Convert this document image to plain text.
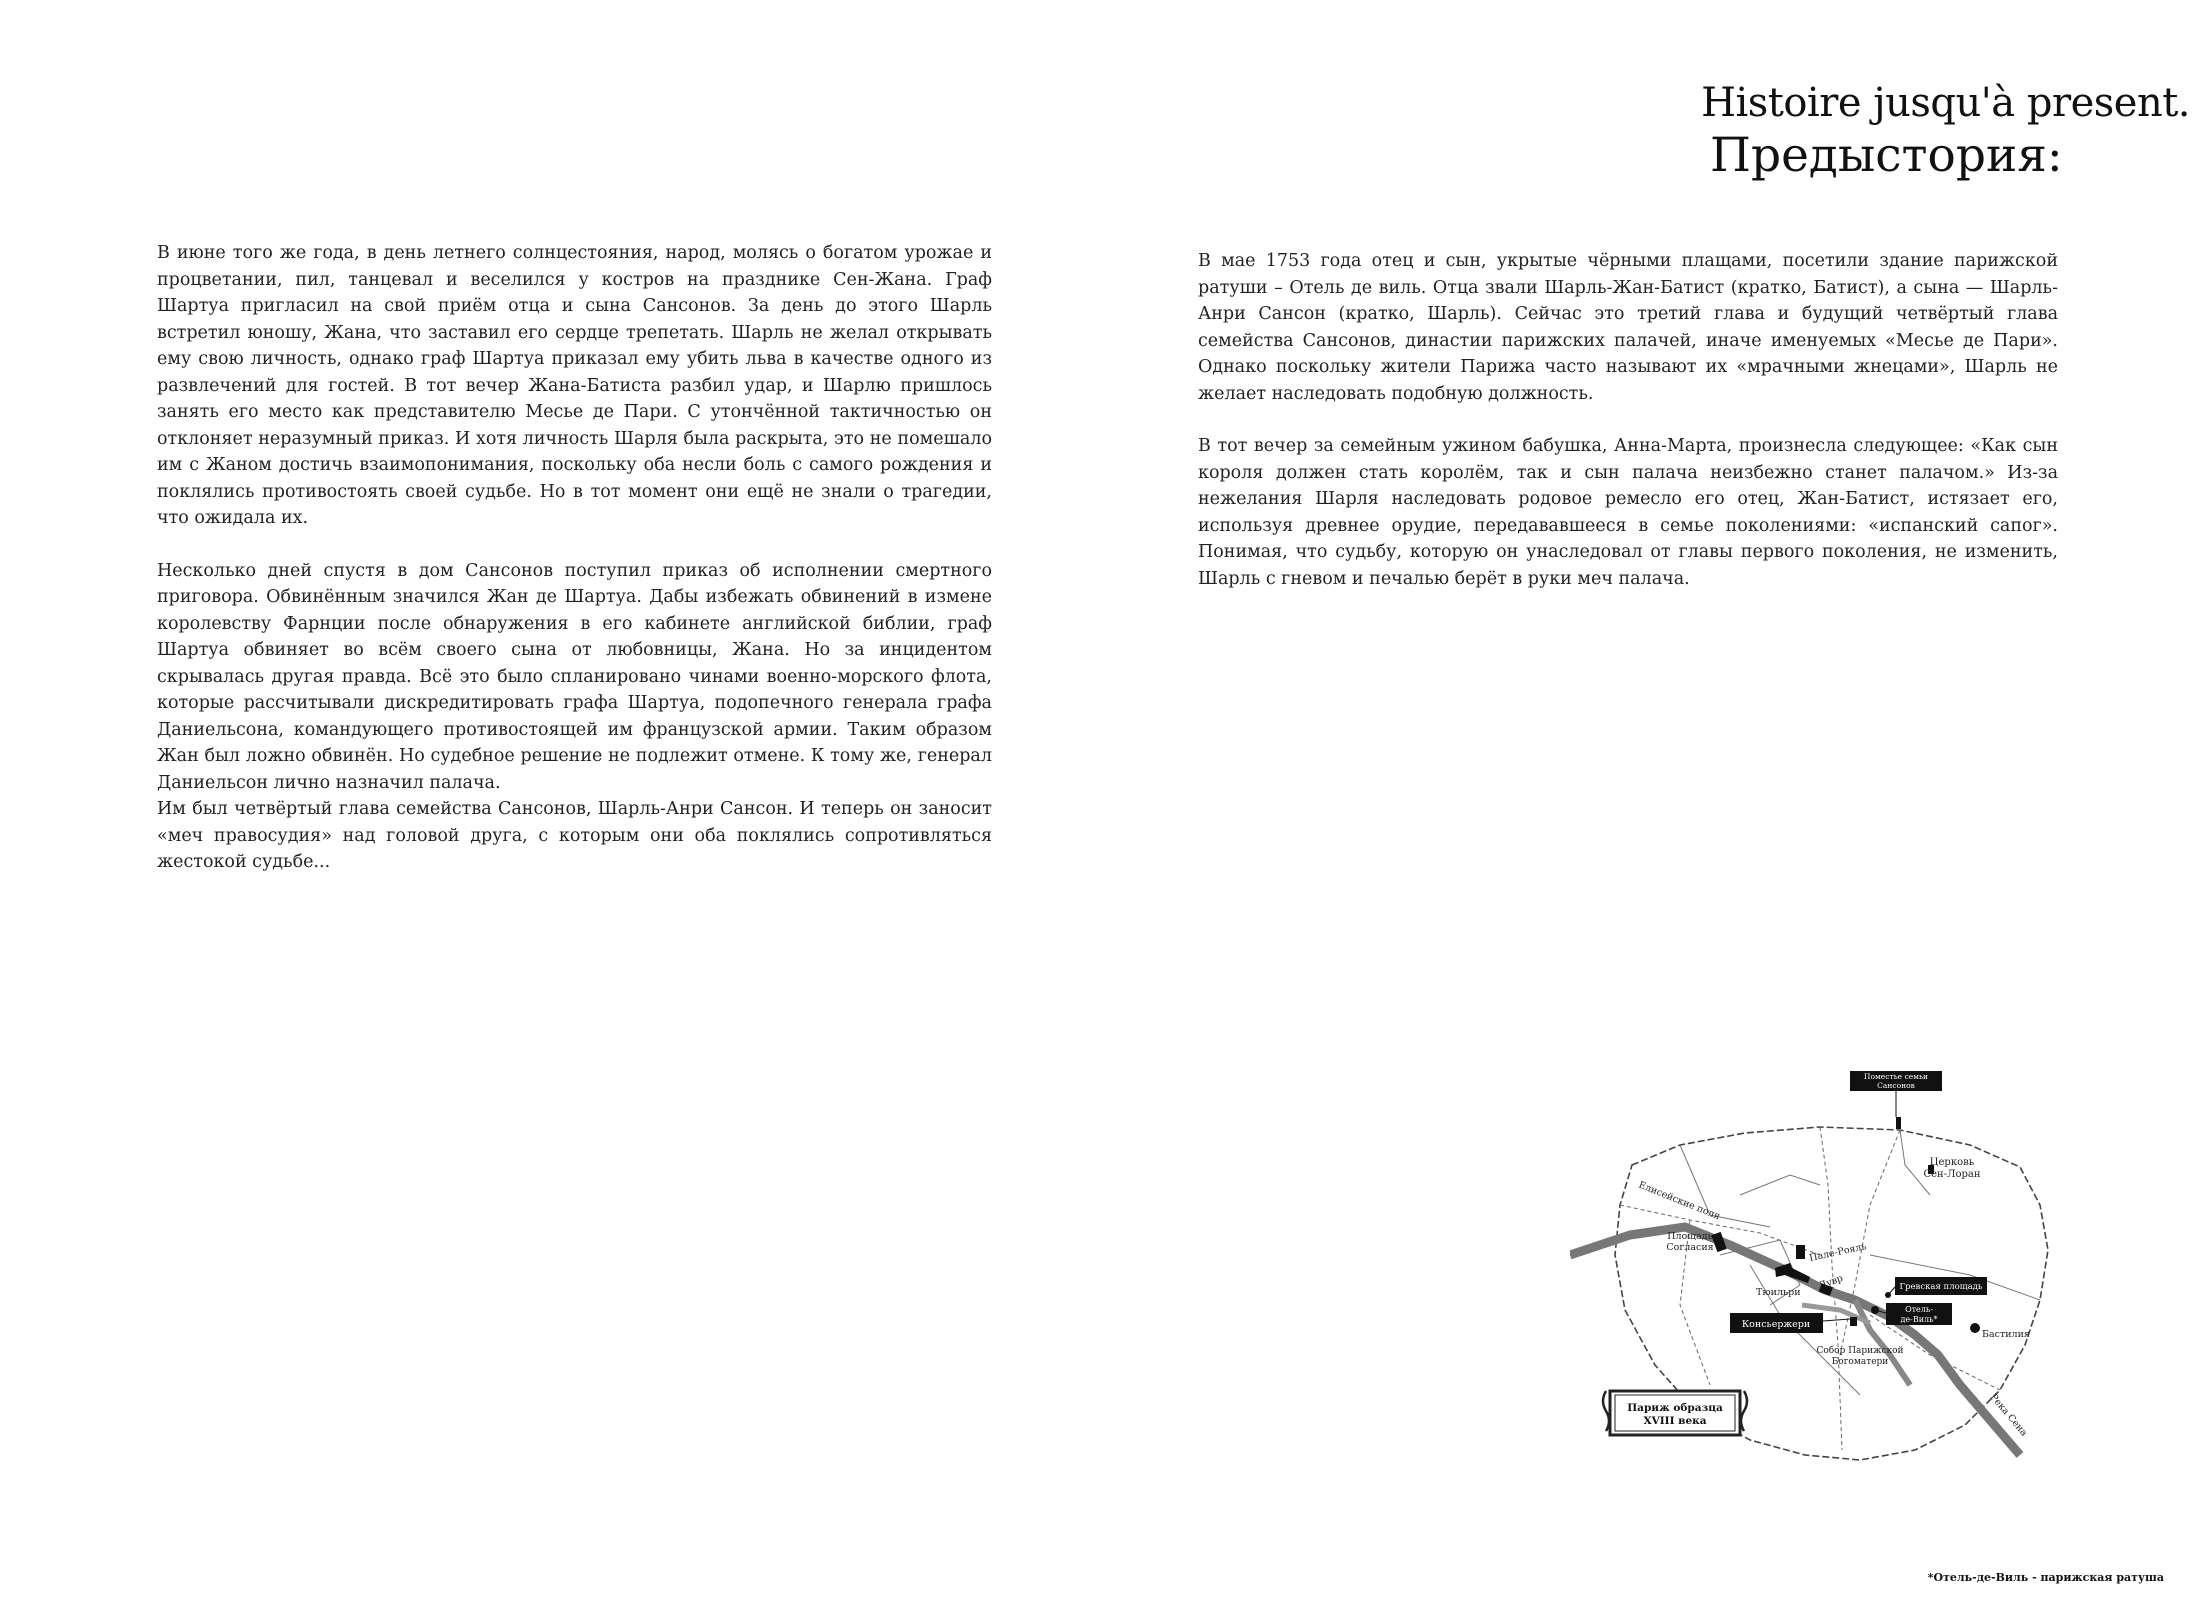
В июне того же года, в день летнего солнцестояния, народ, молясь о богатом урожае и процветании, пил, танцевал и веселился у костров на празднике Сен-Жана. Граф Шартуа пригласил на свой приём отца и сына Сансонов. За день до этого Шарль встретил юношу, Жана, что заставил его сердце трепетать. Шарль не желал открывать ему свою личность, однако граф Шартуа приказал ему убить льва в качестве одного из развлечений для гостей. В тот вечер Жана-Батиста разбил удар, и Шарлю пришлось занять его место как представителю Месье де Пари. С утончённой тактичностью он отклоняет неразумный приказ. И хотя личность Шарля была раскрыта, это не помешало им с Жаном достичь взаимопонимания, поскольку оба несли боль с самого рождения и поклялись противостоять своей судьбе. Но в тот момент они ещё не знали о трагедии, что ожидала их.

Несколько дней спустя в дом Сансонов поступил приказ об исполнении смертного приговора. Обвинённым значился Жан де Шартуа. Дабы избежать обвинений в измене королевству Фарнции после обнаружения в его кабинете английской библии, граф Шартуа обвиняет во всём своего сына от любовницы, Жана. Но за инцидентом скрывалась другая правда. Всё это было спланировано чинами военно-морского флота, которые рассчитывали дискредитировать графа Шартуа, подопечного генерала графа Даниельсона, командующего противостоящей им французской армии. Таким образом Жан был ложно обвинён. Но судебное решение не подлежит отмене. К тому же, генерал Даниельсон лично назначил палача.

Им был четвёртый глава семейства Сансонов, Шарль-Анри Сансон. И теперь он заносит «меч правосудия» над головой друга, с которым они оба поклялись сопротивляться жестокой судьбе...

Histoire jusqu'à present.
Предыстория:

В мае 1753 года отец и сын, укрытые чёрными плащами, посетили здание парижской ратуши – Отель де виль. Отца звали Шарль-Жан-Батист (кратко, Батист), а сына — Шарль-Анри Сансон (кратко, Шарль). Сейчас это третий глава и будущий четвёртый глава семейства Сансонов, династии парижских палачей, иначе именуемых «Месье де Пари». Однако поскольку жители Парижа часто называют их «мрачными жнецами», Шарль не желает наследовать подобную должность.

В тот вечер за семейным ужином бабушка, Анна-Марта, произнесла следующее: «Как сын короля должен стать королём, так и сын палача неизбежно станет палачом.» Из-за нежелания Шарля наследовать родовое ремесло его отец, Жан-Батист, истязает его, используя древнее орудие, передававшееся в семье поколениями: «испанский сапог». Понимая, что судьбу, которую он унаследовал от главы первого поколения, не изменить, Шарль с гневом и печалью берёт в руки меч палача.

Поместье семьи
Сансонов
Церковь
Сен-Лоран
Елисейские поля
Площадь
Согласия	Пале-Рояль
Гревская площадь
Тюильри
Лувр
Отель-
де-Виль*
Консьержери
Бастилия
Собор Парижской
Богоматери
Река Сена
Париж образца
XVIII века
*Отель-де-Виль - парижская ратуша
